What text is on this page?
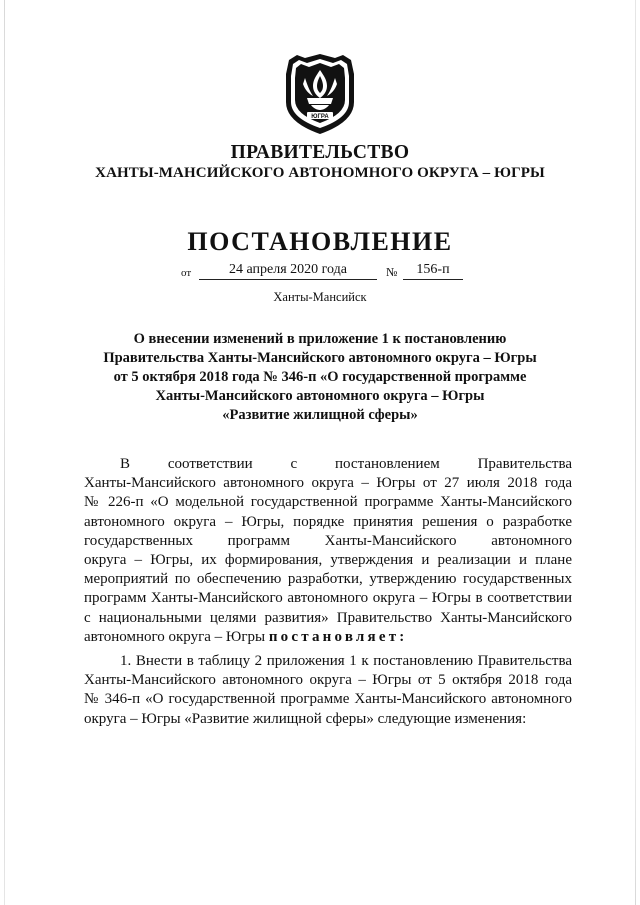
ЮГРА
ПРАВИТЕЛЬСТВО
ХАНТЫ-МАНСИЙСКОГО АВТОНОМНОГО ОКРУГА – ЮГРЫ
ПОСТАНОВЛЕНИЕ
от	24 апреля 2020 года	№	156-п
Ханты-Мансийск
О внесении изменений в приложение 1 к постановлению
Правительства Ханты-Мансийского автономного округа – Югры
от 5 октября 2018 года № 346-п «О государственной программе
Ханты-Мансийского автономного округа – Югры
«Развитие жилищной сферы»
В соответствии с постановлением Правительства
Ханты-Мансийского автономного округа – Югры от 27 июля 2018 года
№ 226-п «О модельной государственной программе Ханты-Мансийского
автономного округа – Югры, порядке принятия решения о разработке
государственных программ Ханты-Мансийского автономного
округа – Югры, их формирования, утверждения и реализации и плане
мероприятий по обеспечению разработки, утверждению государственных
программ Ханты-Мансийского автономного округа – Югры в соответствии
с национальными целями развития» Правительство Ханты-Мансийского
автономного округа – Югры постановляет:
1. Внести в таблицу 2 приложения 1 к постановлению Правительства
Ханты-Мансийского автономного округа – Югры от 5 октября 2018 года
№ 346-п «О государственной программе Ханты-Мансийского автономного
округа – Югры «Развитие жилищной сферы» следующие изменения:
